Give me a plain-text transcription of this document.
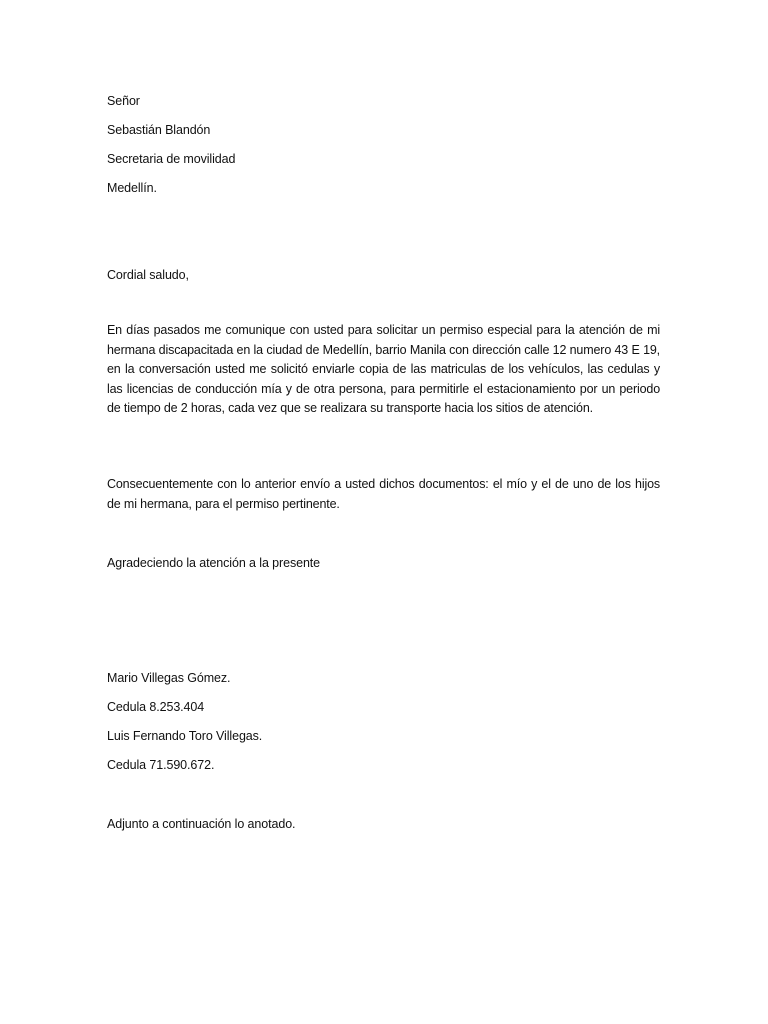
Señor
Sebastián Blandón
Secretaria de movilidad
Medellín.
Cordial saludo,
En días pasados me comunique con usted para solicitar un permiso especial para la atención de mi hermana discapacitada en la ciudad de Medellín, barrio Manila con dirección calle 12 numero 43 E 19, en la conversación usted me solicitó enviarle copia de las matriculas de los vehículos, las cedulas y las licencias de conducción mía y de otra persona, para permitirle el estacionamiento por un periodo de tiempo de 2 horas, cada vez que se realizara su transporte hacia los sitios de atención.
Consecuentemente con lo anterior envío a usted dichos documentos: el mío y el de uno de los hijos de mi hermana, para el permiso pertinente.
Agradeciendo la atención a la presente
Mario Villegas Gómez.
Cedula 8.253.404
Luis Fernando Toro Villegas.
Cedula 71.590.672.
Adjunto a continuación lo anotado.
